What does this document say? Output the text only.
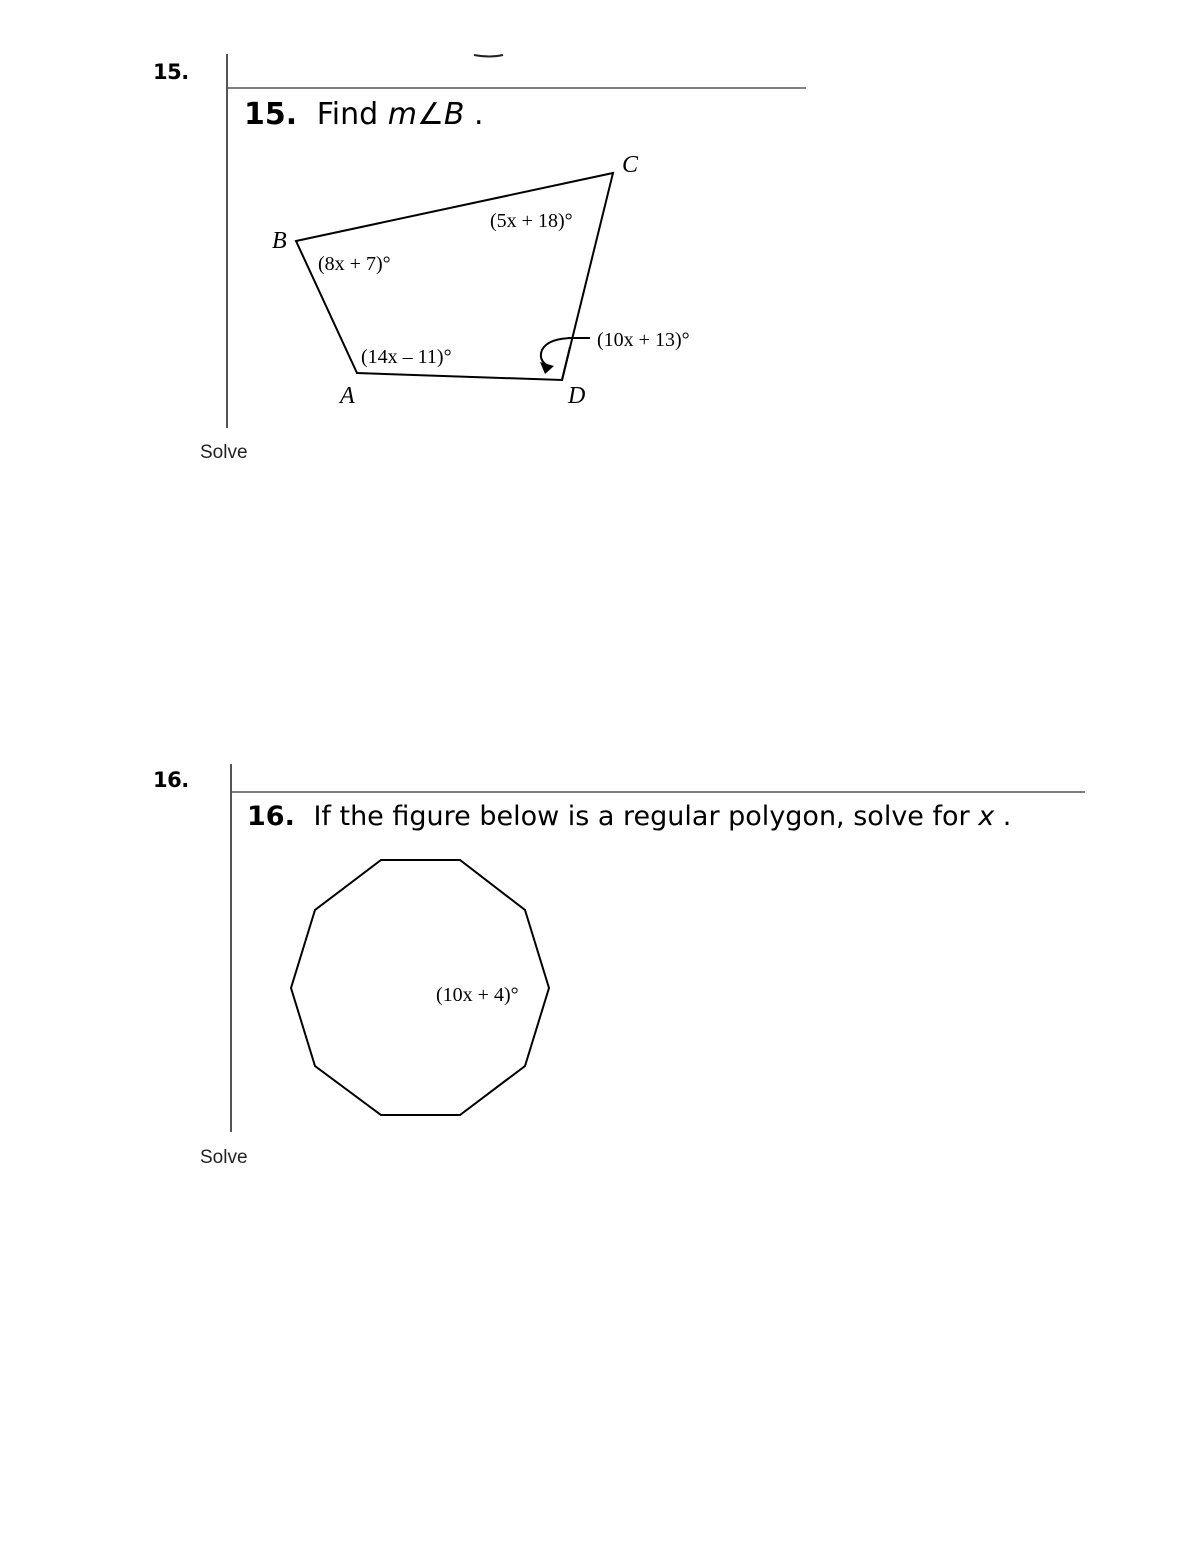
15.
15. Find m∠B .
B
C
A	D
(8x + 7)°
(5x + 18)°
(14x – 11)°
(10x + 13)°
Solve
16.
16. If the figure below is a regular polygon, solve for x .
(10x + 4)°
Solve
